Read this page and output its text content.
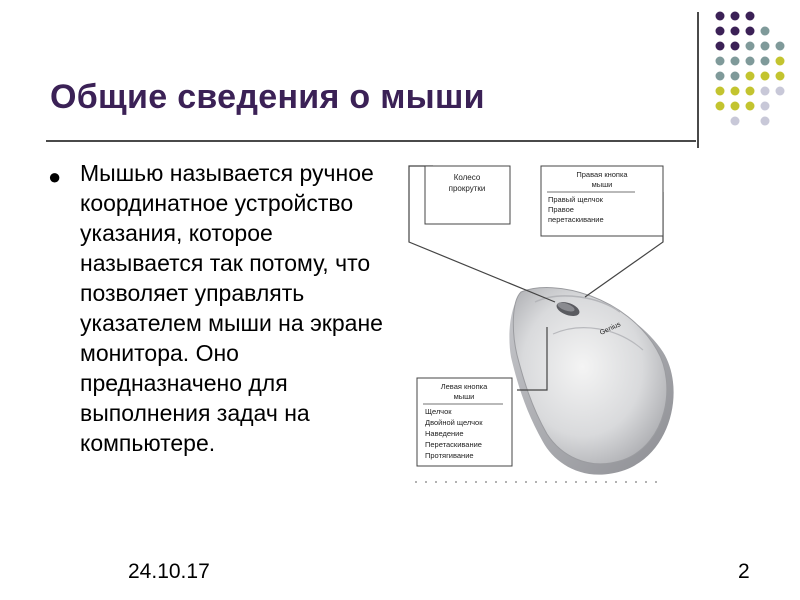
Общие сведения о мыши
● Мышью называется ручное координатное устройство указания, которое называется так потому, что позволяет управлять указателем мыши на экране монитора. Оно предназначено для выполнения задач на компьютере.
Genius
Колесо
прокрутки
Правая кнопка
мыши
Правый щелчок
Правое
перетаскивание
Левая кнопка
мыши
Щелчок
Двойной щелчок
Наведение
Перетаскивание
Протягивание
24.10.17	2
